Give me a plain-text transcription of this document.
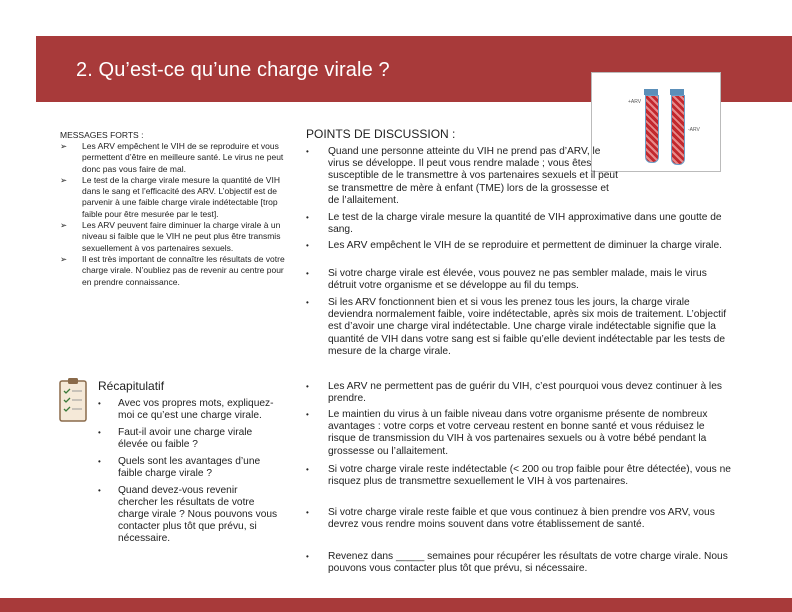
2. Qu’est-ce qu’une charge virale ?
+ARV
-ARV
MESSAGES FORTS :
➢ Les ARV empêchent le VIH de se reproduire et vous permettent d’être en meilleure santé. Le virus ne peut donc pas vous faire de mal.
➢ Le test de la charge virale mesure la quantité de VIH dans le sang et l’efficacité des ARV. L’objectif est de parvenir à une faible charge virale indétectable [trop faible pour être mesurée par le test].
➢ Les ARV peuvent faire diminuer la charge virale à un niveau si faible que le VIH ne peut plus être transmis sexuellement à vos partenaires sexuels.
➢ Il est très important de connaître les résultats de votre charge virale. N’oubliez pas de revenir au centre pour en prendre connaissance.
Récapitulatif
• Avec vos propres mots, expliquez-moi ce qu’est une charge virale.
• Faut-il avoir une charge virale élevée ou faible ?
• Quels sont les avantages d’une faible charge virale ?
• Quand devez-vous revenir chercher les résultats de votre charge virale ? Nous pouvons vous contacter plus tôt que prévu, si nécessaire.
POINTS DE DISCUSSION :
•	Quand une personne atteinte du VIH ne prend pas d’ARV, le virus se développe. Il peut vous rendre malade ; vous êtes susceptible de le transmettre à vos partenaires sexuels et il peut se transmettre de mère à enfant (TME) lors de la grossesse et de l’allaitement.
•	Le test de la charge virale mesure la quantité de VIH approximative dans une goutte de sang.
•	Les ARV empêchent le VIH de se reproduire et permettent de diminuer la charge virale.
•	Si votre charge virale est élevée, vous pouvez ne pas sembler malade, mais le virus détruit votre organisme et se développe au fil du temps.
•	Si les ARV fonctionnent bien et si vous les prenez tous les jours, la charge virale deviendra normalement faible, voire indétectable, après six mois de traitement. L’objectif est d’avoir une charge viral indétectable. Une charge virale indétectable signifie que la quantité de VIH dans votre sang est si faible qu’elle devient indétectable par les tests de mesure de la charge virale.
•	Les ARV ne permettent pas de guérir du VIH, c’est pourquoi vous devez continuer à les prendre.
•	Le maintien du virus à un faible niveau dans votre organisme présente de nombreux avantages : votre corps et votre cerveau restent en bonne santé et vous réduisez le risque de transmission du VIH à vos partenaires sexuels ou à votre bébé pendant la grossesse ou l’allaitement.
•	Si votre charge virale reste indétectable (< 200 ou trop faible pour être détectée), vous ne risquez plus de transmettre sexuellement le VIH à vos partenaires.
•	Si votre charge virale reste faible et que vous continuez à bien prendre vos ARV, vous devrez vous rendre moins souvent dans votre établissement de santé.
•	Revenez dans _____ semaines pour récupérer les résultats de votre charge virale. Nous pouvons vous contacter plus tôt que prévu, si nécessaire.
